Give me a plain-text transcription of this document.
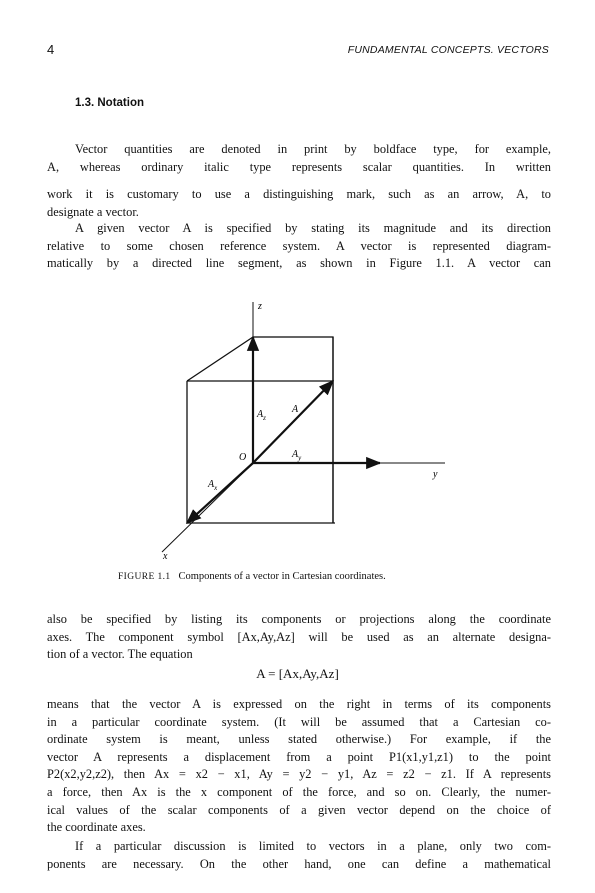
4	FUNDAMENTAL CONCEPTS. VECTORS
1.3. Notation
Vector quantities are denoted in print by boldface type, for example,
A, whereas ordinary italic type represents scalar quantities. In written
work it is customary to use a distinguishing mark, such as an arrow, A, to
designate a vector.
A given vector A is specified by stating its magnitude and its direction
relative to some chosen reference system. A vector is represented diagram-
matically by a directed line segment, as shown in Figure 1.1. A vector can
z
y
x
O
$A_z$
A
$A_y$
$A_x$
FIGURE 1.1 Components of a vector in Cartesian coordinates.
also be specified by listing its components or projections along the coordinate
axes. The component symbol [Ax,Ay,Az] will be used as an alternate designa-
tion of a vector. The equation
A = [Ax,Ay,Az]
means that the vector A is expressed on the right in terms of its components
in a particular coordinate system. (It will be assumed that a Cartesian co-
ordinate system is meant, unless stated otherwise.) For example, if the
vector A represents a displacement from a point P1(x1,y1,z1) to the point
P2(x2,y2,z2), then Ax = x2 − x1, Ay = y2 − y1, Az = z2 − z1. If A represents
a force, then Ax is the x component of the force, and so on. Clearly, the numer-
ical values of the scalar components of a given vector depend on the choice of
the coordinate axes.
If a particular discussion is limited to vectors in a plane, only two com-
ponents are necessary. On the other hand, one can define a mathematical
